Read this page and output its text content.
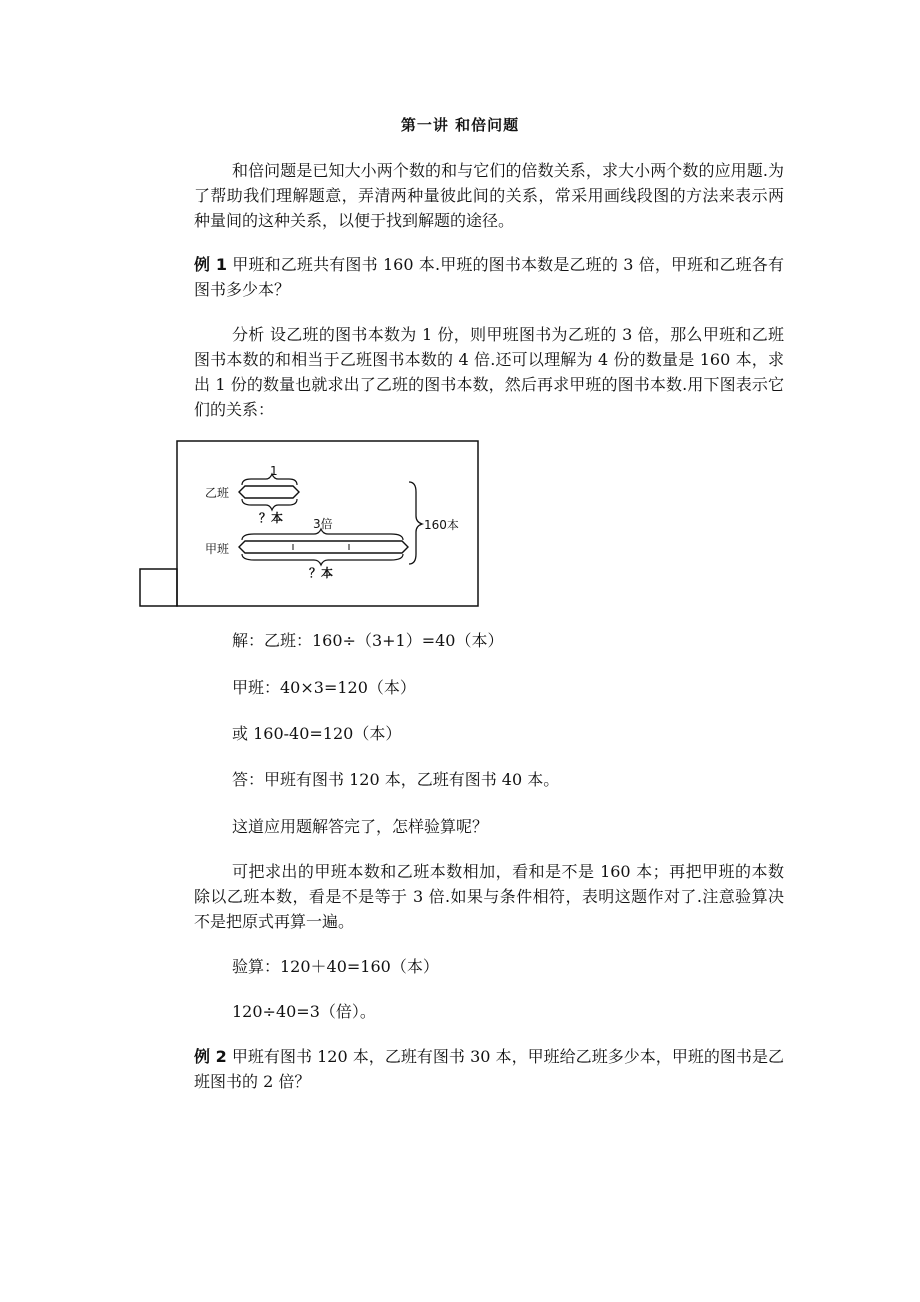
第一讲 和倍问题

和倍问题是已知大小两个数的和与它们的倍数关系，求大小两个数的应用题.为了帮助我们理解题意，弄清两种量彼此间的关系，常采用画线段图的方法来表示两种量间的这种关系，以便于找到解题的途径。

例 1 甲班和乙班共有图书 160 本.甲班的图书本数是乙班的 3 倍，甲班和乙班各有图书多少本？

分析 设乙班的图书本数为 1 份，则甲班图书为乙班的 3 倍，那么甲班和乙班图书本数的和相当于乙班图书本数的 4 倍.还可以理解为 4 份的数量是 160 本，求出 1 份的数量也就求出了乙班的图书本数，然后再求甲班的图书本数.用下图表示它们的关系：

乙班
1
？本
甲班
3倍
？本
160本
解：乙班：160÷（3+1）=40（本）
甲班：40×3=120（本）
或 160-40=120（本）
答：甲班有图书 120 本，乙班有图书 40 本。
这道应用题解答完了，怎样验算呢？

可把求出的甲班本数和乙班本数相加，看和是不是 160 本；再把甲班的本数除以乙班本数，看是不是等于 3 倍.如果与条件相符，表明这题作对了.注意验算决不是把原式再算一遍。

验算：120＋40=160（本）
120÷40=3（倍）。

例 2 甲班有图书 120 本，乙班有图书 30 本，甲班给乙班多少本，甲班的图书是乙班图书的 2 倍？
